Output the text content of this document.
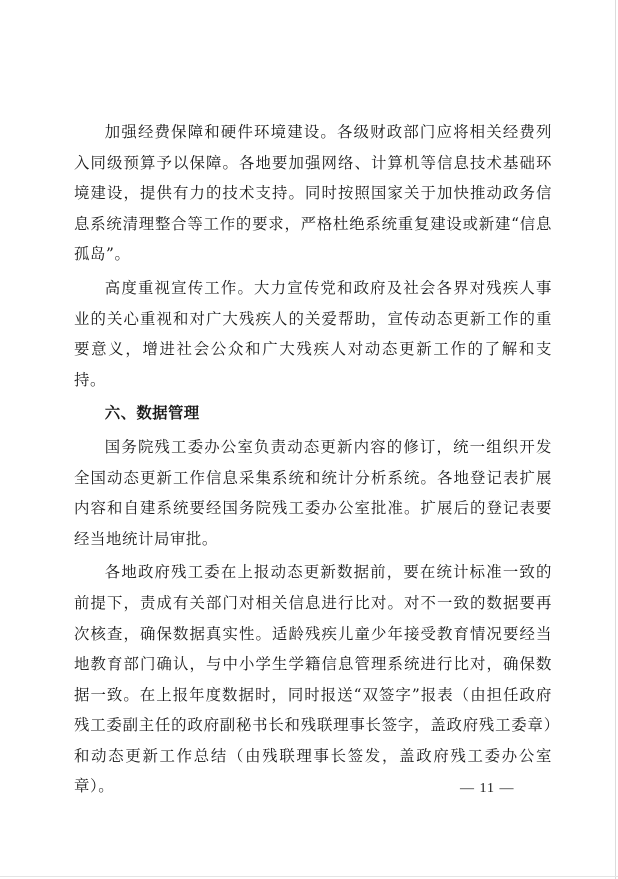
加强经费保障和硬件环境建设。各级财政部门应将相关经费列入同级预算予以保障。各地要加强网络、计算机等信息技术基础环境建设，提供有力的技术支持。同时按照国家关于加快推动政务信息系统清理整合等工作的要求，严格杜绝系统重复建设或新建“信息孤岛”。

高度重视宣传工作。大力宣传党和政府及社会各界对残疾人事业的关心重视和对广大残疾人的关爱帮助，宣传动态更新工作的重要意义，增进社会公众和广大残疾人对动态更新工作的了解和支持。

六、数据管理

国务院残工委办公室负责动态更新内容的修订，统一组织开发全国动态更新工作信息采集系统和统计分析系统。各地登记表扩展内容和自建系统要经国务院残工委办公室批准。扩展后的登记表要经当地统计局审批。

各地政府残工委在上报动态更新数据前，要在统计标准一致的前提下，责成有关部门对相关信息进行比对。对不一致的数据要再次核查，确保数据真实性。适龄残疾儿童少年接受教育情况要经当地教育部门确认，与中小学生学籍信息管理系统进行比对，确保数据一致。在上报年度数据时，同时报送“双签字”报表（由担任政府残工委副主任的政府副秘书长和残联理事长签字，盖政府残工委章）和动态更新工作总结（由残联理事长签发，盖政府残工委办公室章）。	— 11 —
